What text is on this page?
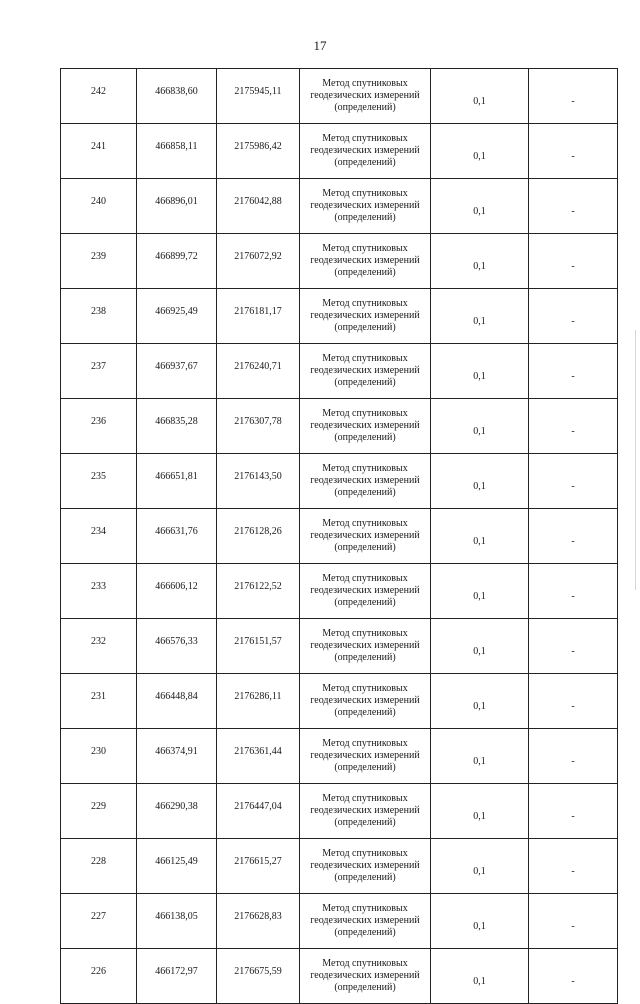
17
242	466838,60	2175945,11	Метод спутниковых
геодезических измерений
(определений)	0,1	-
241	466858,11	2175986,42	Метод спутниковых
геодезических измерений
(определений)	0,1	-
240	466896,01	2176042,88	Метод спутниковых
геодезических измерений
(определений)	0,1	-
239	466899,72	2176072,92	Метод спутниковых
геодезических измерений
(определений)	0,1	-
238	466925,49	2176181,17	Метод спутниковых
геодезических измерений
(определений)	0,1	-
237	466937,67	2176240,71	Метод спутниковых
геодезических измерений
(определений)	0,1	-
236	466835,28	2176307,78	Метод спутниковых
геодезических измерений
(определений)	0,1	-
235	466651,81	2176143,50	Метод спутниковых
геодезических измерений
(определений)	0,1	-
234	466631,76	2176128,26	Метод спутниковых
геодезических измерений
(определений)	0,1	-
233	466606,12	2176122,52	Метод спутниковых
геодезических измерений
(определений)	0,1	-
232	466576,33	2176151,57	Метод спутниковых
геодезических измерений
(определений)	0,1	-
231	466448,84	2176286,11	Метод спутниковых
геодезических измерений
(определений)	0,1	-
230	466374,91	2176361,44	Метод спутниковых
геодезических измерений
(определений)	0,1	-
229	466290,38	2176447,04	Метод спутниковых
геодезических измерений
(определений)	0,1	-
228	466125,49	2176615,27	Метод спутниковых
геодезических измерений
(определений)	0,1	-
227	466138,05	2176628,83	Метод спутниковых
геодезических измерений
(определений)	0,1	-
226	466172,97	2176675,59	Метод спутниковых
геодезических измерений
(определений)	0,1	-
